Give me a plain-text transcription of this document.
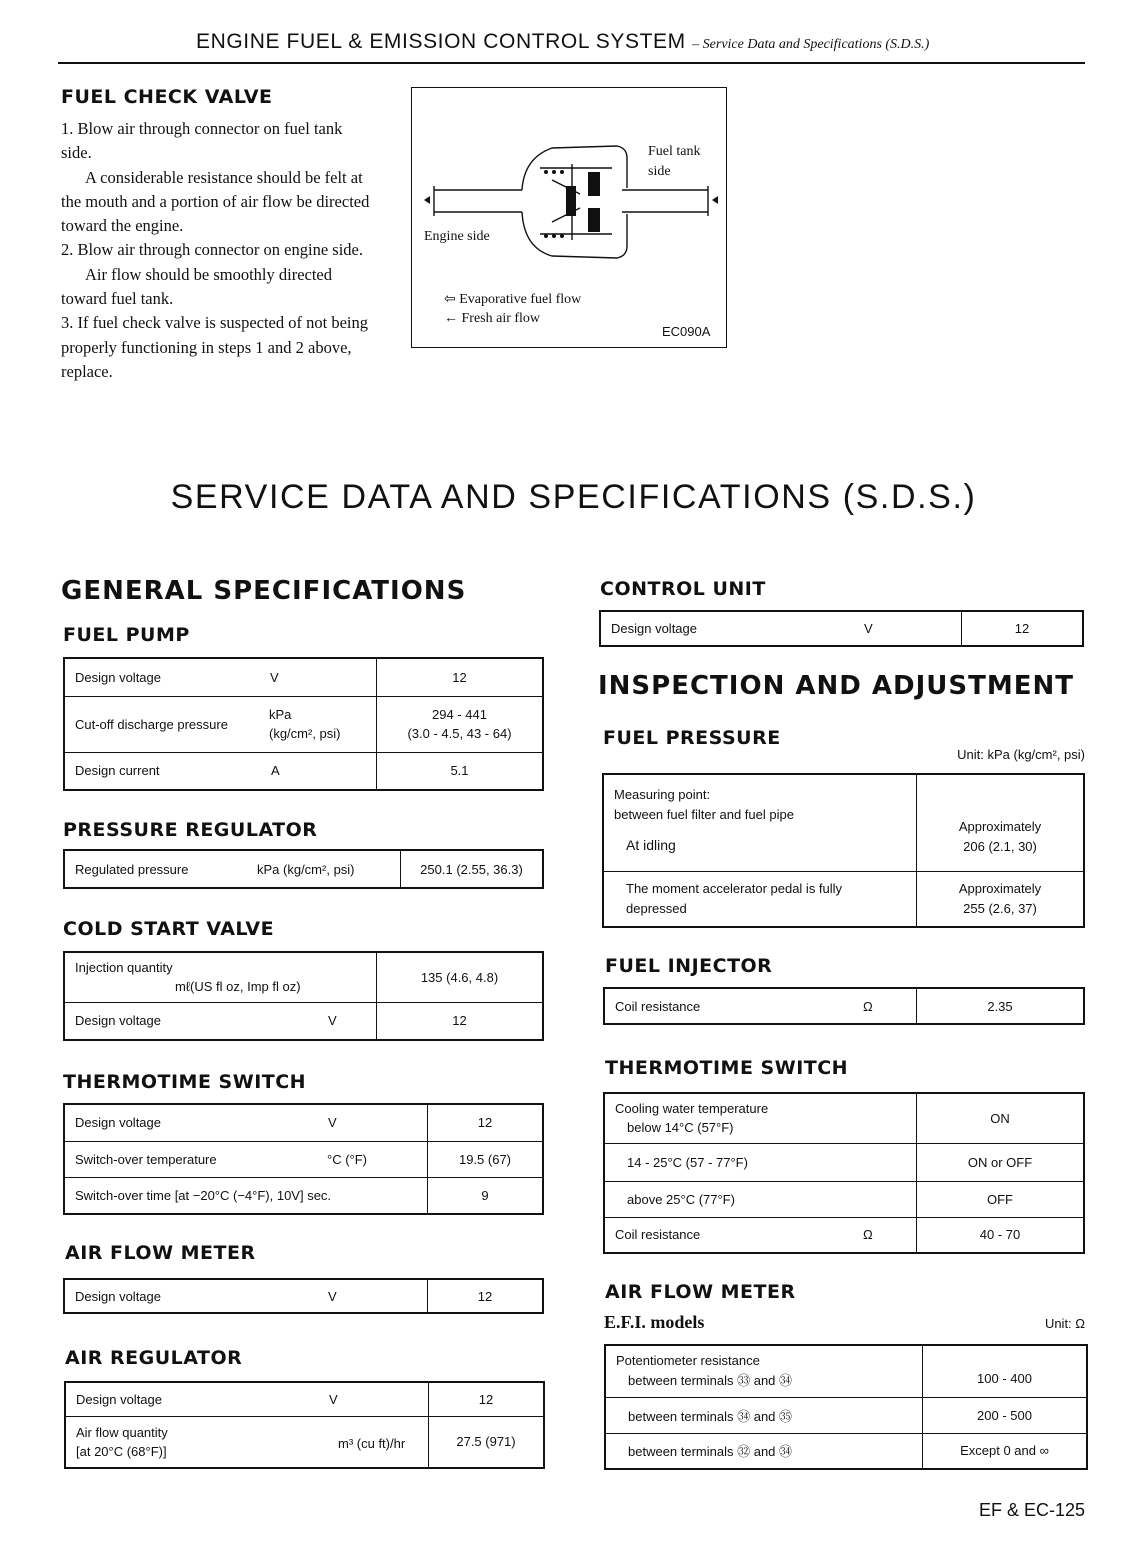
ENGINE FUEL & EMISSION CONTROL SYSTEM – Service Data and Specifications (S.D.S.)
FUEL CHECK VALVE

1. Blow air through connector on fuel tank side.

A considerable resistance should be felt at the mouth and a portion of air flow be directed toward the engine.

2. Blow air through connector on engine side.

Air flow should be smoothly directed toward fuel tank.

3. If fuel check valve is suspected of not being properly functioning in steps 1 and 2 above, replace.

Fuel tank
side
Engine side
⇦ Evaporative fuel flow
← Fresh air flow
EC090A
SERVICE DATA AND SPECIFICATIONS (S.D.S.)
GENERAL SPECIFICATIONS
FUEL PUMP
Design voltage V	12
Cut-off discharge pressure
kPa
(kg/cm², psi)	294 - 441
(3.0 - 4.5, 43 - 64)
Design current A	5.1
PRESSURE REGULATOR
Regulated pressure	kPa (kg/cm², psi)	250.1 (2.55, 36.3)
COLD START VALVE
Injection quantity
mℓ(US fl oz, Imp fl oz)	135 (4.6, 4.8)
Design voltage V	12
THERMOTIME SWITCH
Design voltage V	12
Switch-over temperature °C (°F)	19.5 (67)
Switch-over time [at −20°C (−4°F), 10V] sec.	9
AIR FLOW METER
Design voltage	V	12
AIR REGULATOR
Design voltage V	12
Air flow quantity
[at 20°C (68°F)]
m³ (cu ft)/hr	27.5 (971)
CONTROL UNIT
Design voltage	V	12
INSPECTION AND ADJUSTMENT
FUEL PRESSURE
Unit: kPa (kg/cm², psi)
Measuring point:
between fuel filter and fuel pipe
At idling	Approximately
206 (2.1, 30)
The moment accelerator pedal is fully depressed	Approximately
255 (2.6, 37)
FUEL INJECTOR
Coil resistance	Ω	2.35
THERMOTIME SWITCH
Cooling water temperature
below 14°C (57°F)	ON
14 - 25°C (57 - 77°F)	ON or OFF
above 25°C (77°F)	OFF
Coil resistance Ω	40 - 70
AIR FLOW METER
E.F.I. models	Unit: Ω
Potentiometer resistance
between terminals ㉝ and ㉞	100 - 400
between terminals ㉞ and ㉟	200 - 500
between terminals ㉜ and ㉞	Except 0 and ∞
EF & EC-125
